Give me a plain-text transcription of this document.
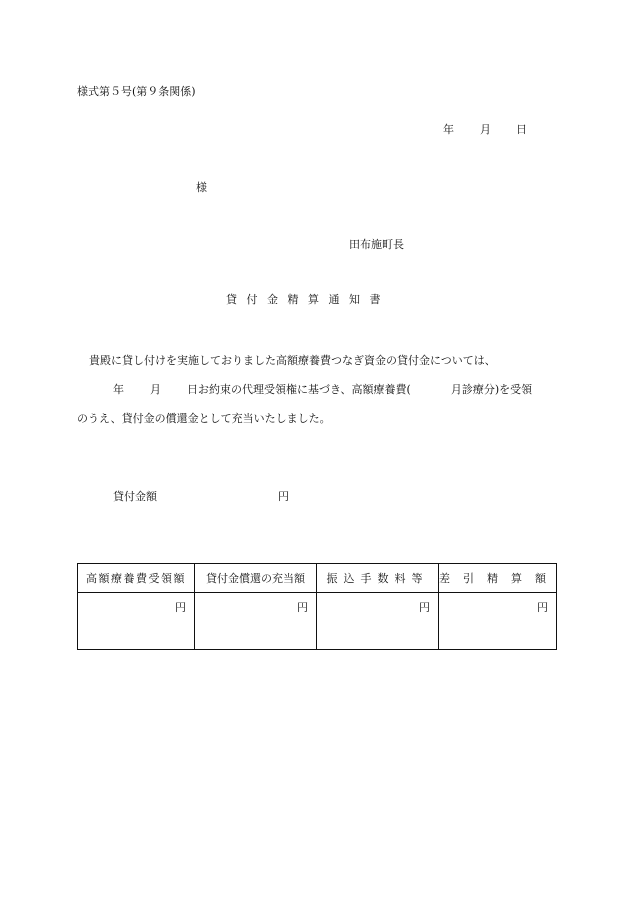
様式第５号(第９条関係)
年 月 日
様
田布施町長
貸付金精算通知書
貴殿に貸し付けを実施しておりました高額療養費つなぎ資金の貸付金については、
年 月 日お約束の代理受領権に基づき、高額療養費(	月診療分)を受領
のうえ、貸付金の償還金として充当いたしました。
貸付金額	円
高額療養費受領額	貸付金償還の充当額	振込手数料等	差引精算額
円	円	円	円
